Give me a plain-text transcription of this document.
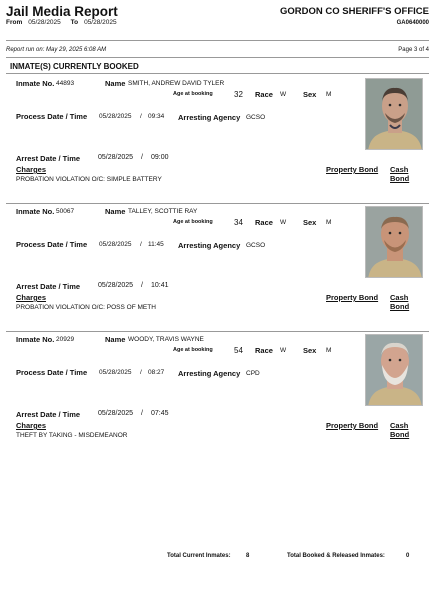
Jail Media Report
From 05/28/2025 To 05/28/2025
GORDON CO SHERIFF'S OFFICE
GA0640000
Report run on: May 29, 2025 6:08 AM	Page 3 of 4
INMATE(S) CURRENTLY BOOKED
Inmate No. 44893	Name SMITH, ANDREW DAVID TYLER
Age at booking	32 Race W Sex M
Process Date / Time 05/28/2025 / 09:34 Arresting Agency GCSO
Arrest Date / Time	05/28/2025 / 09:00
Charges	Property Bond Cash Bond
PROBATION VIOLATION O/C: SIMPLE BATTERY
Inmate No. 50067	Name TALLEY, SCOTTIE RAY
Age at booking	34 Race W Sex M
Process Date / Time 05/28/2025 / 11:45 Arresting Agency GCSO
Arrest Date / Time	05/28/2025 / 10:41
Charges	Property Bond Cash Bond
PROBATION VIOLATION O/C: POSS OF METH
Inmate No. 20929	Name WOODY, TRAVIS WAYNE
Age at booking	54 Race W Sex M
Process Date / Time 05/28/2025 / 08:27 Arresting Agency CPD
Arrest Date / Time	05/28/2025 / 07:45
Charges	Property Bond Cash Bond
THEFT BY TAKING - MISDEMEANOR
Total Current Inmates:	8	Total Booked & Released Inmates:	0
